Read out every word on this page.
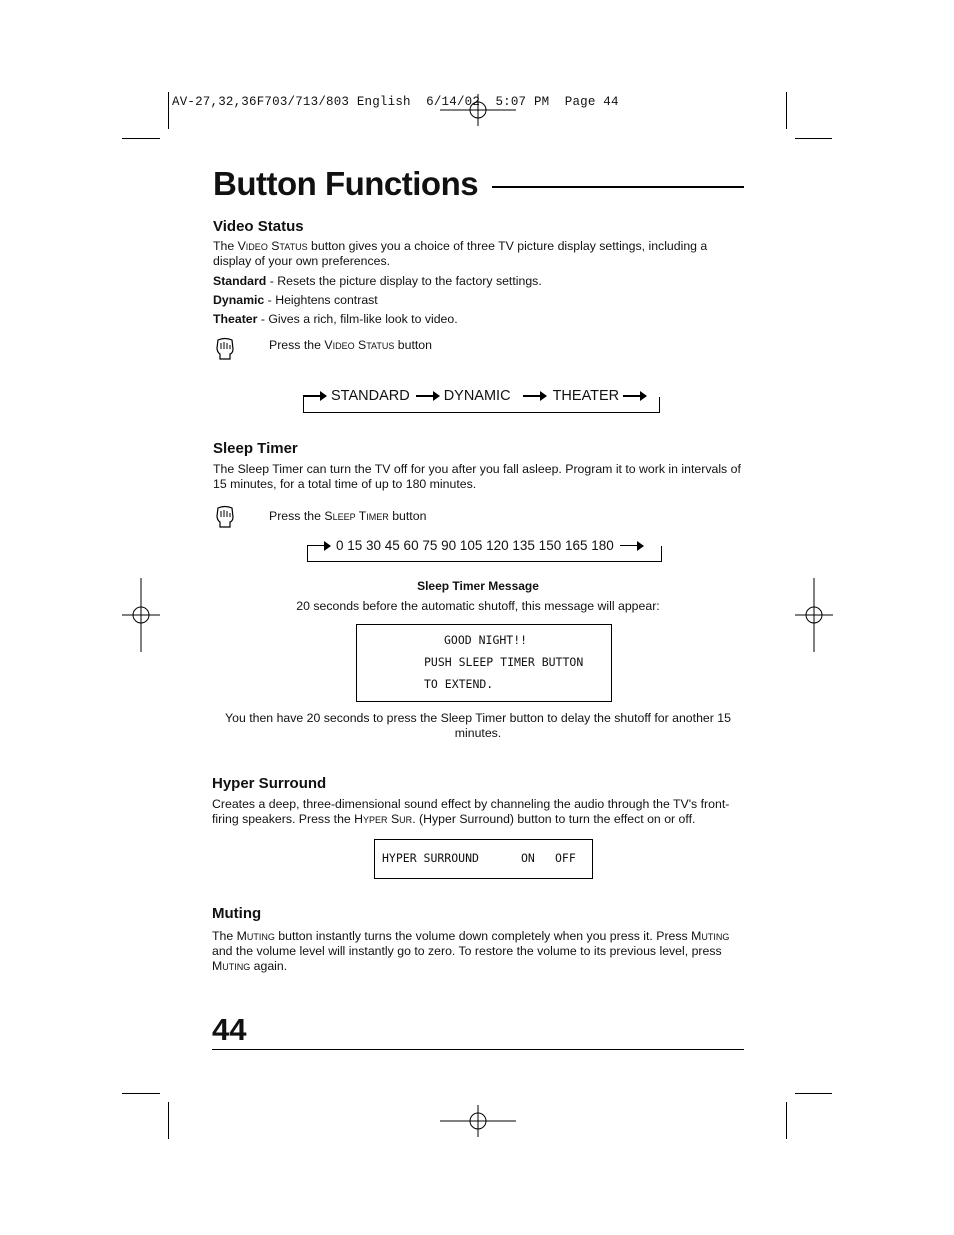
AV-27,32,36F703/713/803 English  6/14/02  5:07 PM  Page 44
Button Functions
Video Status
The Video Status button gives you a choice of three TV picture display settings, including a display of your own preferences.
Standard - Resets the picture display to the factory settings.
Dynamic - Heightens contrast
Theater - Gives a rich, film-like look to video.
Press the Video Status button
STANDARD DYNAMIC	THEATER
Sleep Timer
The Sleep Timer can turn the TV off for you after you fall asleep. Program it to work in intervals of 15 minutes, for a total time of up to 180 minutes.
Press the Sleep Timer button
0 15 30 45 60 75 90 105 120 135 150 165 180
Sleep Timer Message
20 seconds before the automatic shutoff, this message will appear:
GOOD NIGHT!!
PUSH SLEEP TIMER BUTTON
TO EXTEND.
You then have 20 seconds to press the Sleep Timer button to delay the shutoff for another 15 minutes.
Hyper Surround
Creates a deep, three-dimensional sound effect by channeling the audio through the TV's front-firing speakers. Press the Hyper Sur. (Hyper Surround) button to turn the effect on or off.
HYPER SURROUND	ON OFF
Muting
The Muting button instantly turns the volume down completely when you press it. Press Muting and the volume level will instantly go to zero. To restore the volume to its previous level, press Muting again.
44
